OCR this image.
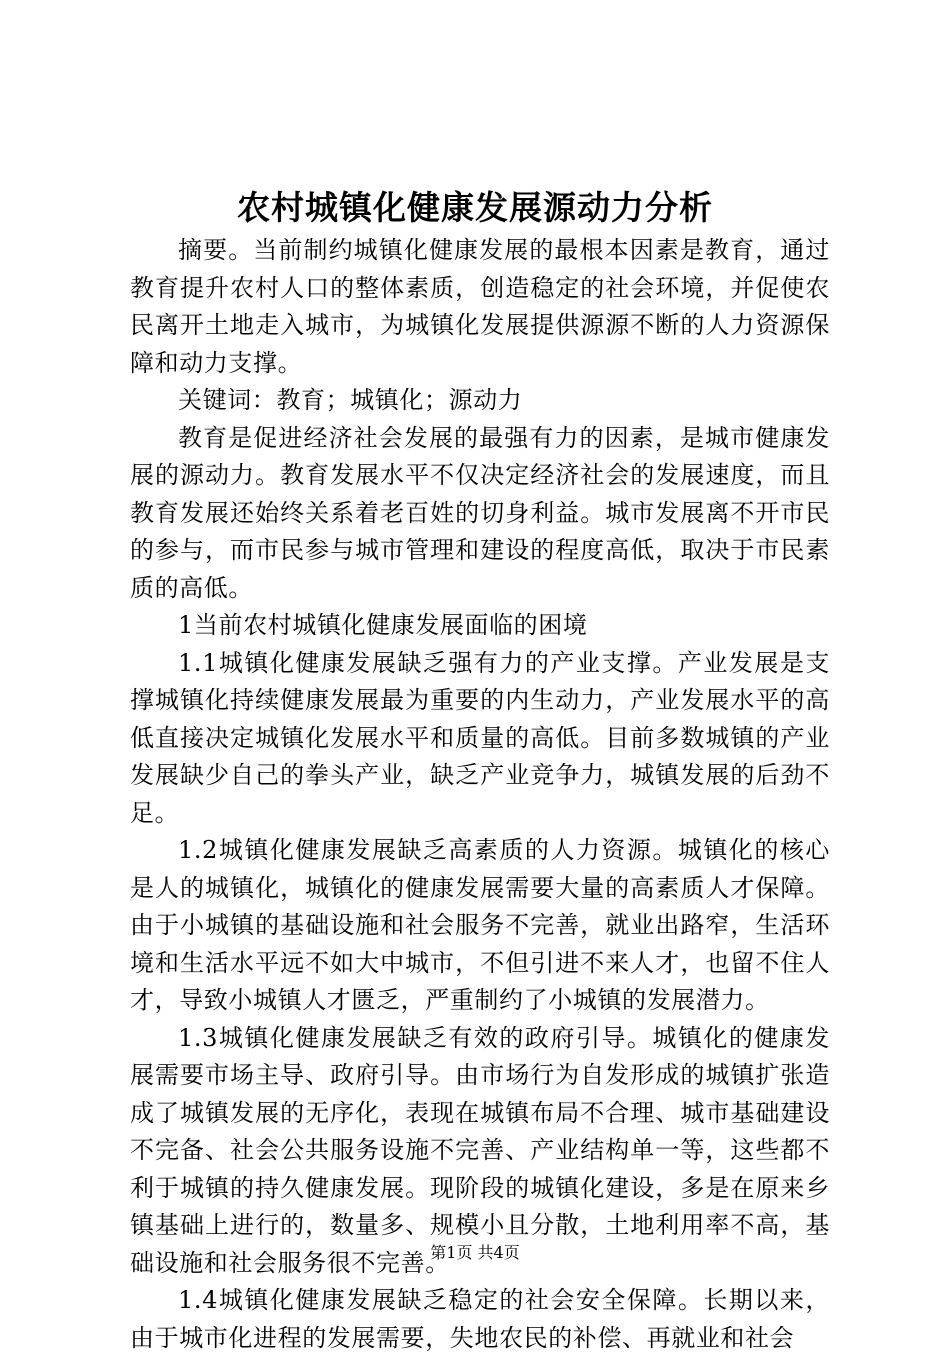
农村城镇化健康发展源动力分析

摘要。当前制约城镇化健康发展的最根本因素是教育，通过教育提升农村人口的整体素质，创造稳定的社会环境，并促使农民离开土地走入城市，为城镇化发展提供源源不断的人力资源保障和动力支撑。

关键词：教育；城镇化；源动力

教育是促进经济社会发展的最强有力的因素，是城市健康发展的源动力。教育发展水平不仅决定经济社会的发展速度，而且教育发展还始终关系着老百姓的切身利益。城市发展离不开市民的参与，而市民参与城市管理和建设的程度高低，取决于市民素质的高低。

1当前农村城镇化健康发展面临的困境

1.1城镇化健康发展缺乏强有力的产业支撑。产业发展是支撑城镇化持续健康发展最为重要的内生动力，产业发展水平的高低直接决定城镇化发展水平和质量的高低。目前多数城镇的产业发展缺少自己的拳头产业，缺乏产业竞争力，城镇发展的后劲不足。

1.2城镇化健康发展缺乏高素质的人力资源。城镇化的核心是人的城镇化，城镇化的健康发展需要大量的高素质人才保障。由于小城镇的基础设施和社会服务不完善，就业出路窄，生活环境和生活水平远不如大中城市，不但引进不来人才，也留不住人才，导致小城镇人才匮乏，严重制约了小城镇的发展潜力。

1.3城镇化健康发展缺乏有效的政府引导。城镇化的健康发展需要市场主导、政府引导。由市场行为自发形成的城镇扩张造成了城镇发展的无序化，表现在城镇布局不合理、城市基础建设不完备、社会公共服务设施不完善、产业结构单一等，这些都不利于城镇的持久健康发展。现阶段的城镇化建设，多是在原来乡镇基础上进行的，数量多、规模小且分散，土地利用率不高，基础设施和社会服务很不完善。

1.4城镇化健康发展缺乏稳定的社会安全保障。长期以来，由于城市化进程的发展需要，失地农民的补偿、再就业和社会

第1页 共4页
